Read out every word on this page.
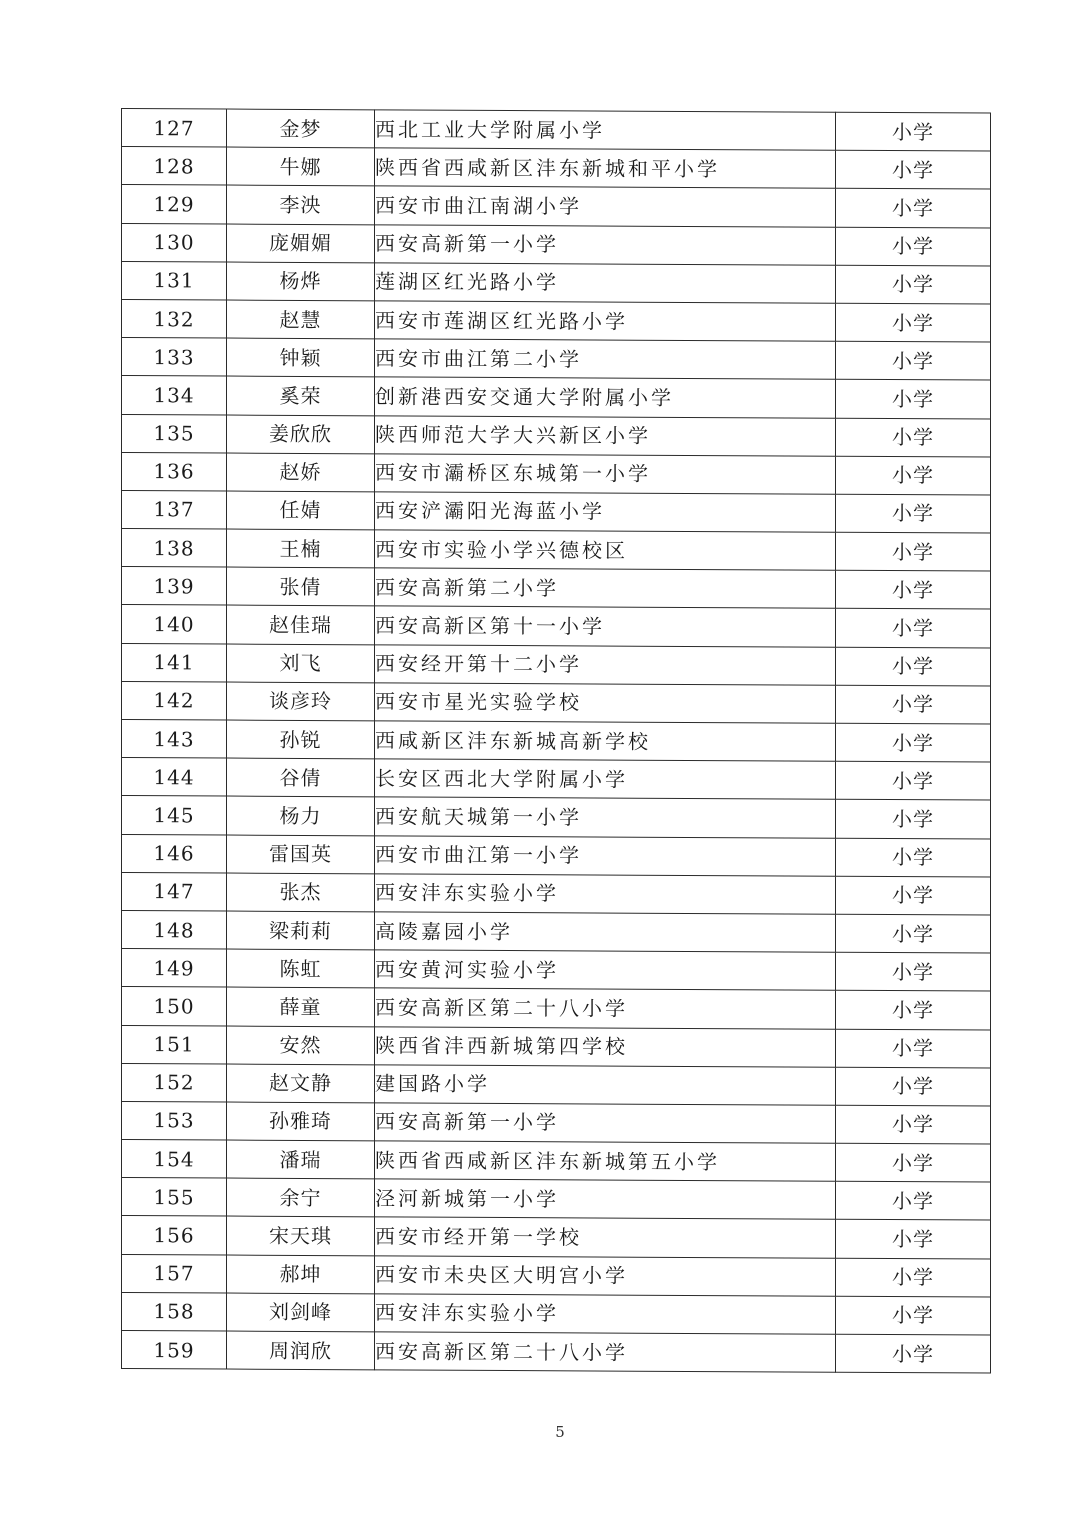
127	金梦	西北工业大学附属小学	小学
128	牛娜	陕西省西咸新区沣东新城和平小学	小学
129	李泱	西安市曲江南湖小学	小学
130	庞媚媚	西安高新第一小学	小学
131	杨烨	莲湖区红光路小学	小学
132	赵慧	西安市莲湖区红光路小学	小学
133	钟颖	西安市曲江第二小学	小学
134	奚荣	创新港西安交通大学附属小学	小学
135	姜欣欣	陕西师范大学大兴新区小学	小学
136	赵娇	西安市灞桥区东城第一小学	小学
137	任婧	西安浐灞阳光海蓝小学	小学
138	王楠	西安市实验小学兴德校区	小学
139	张倩	西安高新第二小学	小学
140	赵佳瑞	西安高新区第十一小学	小学
141	刘飞	西安经开第十二小学	小学
142	谈彦玲	西安市星光实验学校	小学
143	孙锐	西咸新区沣东新城高新学校	小学
144	谷倩	长安区西北大学附属小学	小学
145	杨力	西安航天城第一小学	小学
146	雷国英	西安市曲江第一小学	小学
147	张杰	西安沣东实验小学	小学
148	梁莉莉	高陵嘉园小学	小学
149	陈虹	西安黄河实验小学	小学
150	薛童	西安高新区第二十八小学	小学
151	安然	陕西省沣西新城第四学校	小学
152	赵文静	建国路小学	小学
153	孙雅琦	西安高新第一小学	小学
154	潘瑞	陕西省西咸新区沣东新城第五小学	小学
155	余宁	泾河新城第一小学	小学
156	宋天琪	西安市经开第一学校	小学
157	郝坤	西安市未央区大明宫小学	小学
158	刘剑峰	西安沣东实验小学	小学
159	周润欣	西安高新区第二十八小学	小学
5
